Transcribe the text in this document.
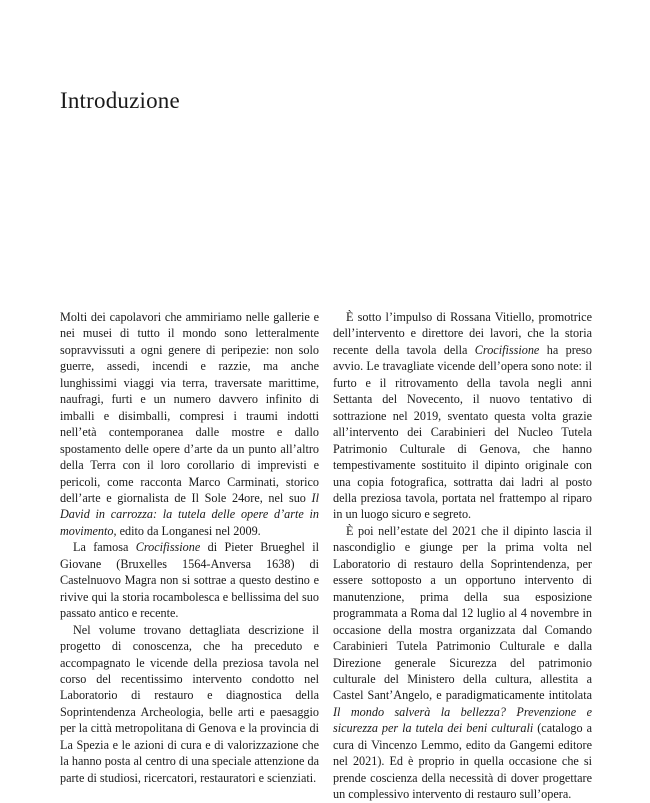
Introduzione

Molti dei capolavori che ammiriamo nelle gallerie e nei musei di tutto il mondo sono letteralmente sopravvissuti a ogni genere di peripezie: non solo guerre, assedi, incendi e razzie, ma anche lunghissimi viaggi via terra, traversate marittime, naufragi, furti e un numero davvero infinito di imballi e disimballi, compresi i traumi indotti nell’età contemporanea dalle mostre e dallo spostamento delle opere d’arte da un punto all’altro della Terra con il loro corollario di imprevisti e pericoli, come racconta Marco Carminati, storico dell’arte e giornalista de Il Sole 24ore, nel suo Il David in carrozza: la tutela delle opere d’arte in movimento, edito da Longanesi nel 2009.

La famosa Crocifissione di Pieter Brueghel il Giovane (Bruxelles 1564-Anversa 1638) di Castelnuovo Magra non si sottrae a questo destino e rivive qui la storia rocambolesca e bellissima del suo passato antico e recente.

Nel volume trovano dettagliata descrizione il progetto di conoscenza, che ha preceduto e accompagnato le vicende della preziosa tavola nel corso del recentissimo intervento condotto nel Laboratorio di restauro e diagnostica della Soprintendenza Archeologia, belle arti e paesaggio per la città metropolitana di Genova e la provincia di La Spezia e le azioni di cura e di valorizzazione che la hanno posta al centro di una speciale attenzione da parte di studiosi, ricercatori, restauratori e scienziati.

È sotto l’impulso di Rossana Vitiello, promotrice dell’intervento e direttore dei lavori, che la storia recente della tavola della Crocifissione ha preso avvio. Le travagliate vicende dell’opera sono note: il furto e il ritrovamento della tavola negli anni Settanta del Novecento, il nuovo tentativo di sottrazione nel 2019, sventato questa volta grazie all’intervento dei Carabinieri del Nucleo Tutela Patrimonio Culturale di Genova, che hanno tempestivamente sostituito il dipinto originale con una copia fotografica, sottratta dai ladri al posto della preziosa tavola, portata nel frattempo al riparo in un luogo sicuro e segreto.

È poi nell’estate del 2021 che il dipinto lascia il nascondiglio e giunge per la prima volta nel Laboratorio di restauro della Soprintendenza, per essere sottoposto a un opportuno intervento di manutenzione, prima della sua esposizione programmata a Roma dal 12 luglio al 4 novembre in occasione della mostra organizzata dal Comando Carabinieri Tutela Patrimonio Culturale e dalla Direzione generale Sicurezza del patrimonio culturale del Ministero della cultura, allestita a Castel Sant’Angelo, e paradigmaticamente intitolata Il mondo salverà la bellezza? Prevenzione e sicurezza per la tutela dei beni culturali (catalogo a cura di Vincenzo Lemmo, edito da Gangemi editore nel 2021). Ed è proprio in quella occasione che si prende coscienza della necessità di dover progettare un complessivo intervento di restauro sull’opera.
